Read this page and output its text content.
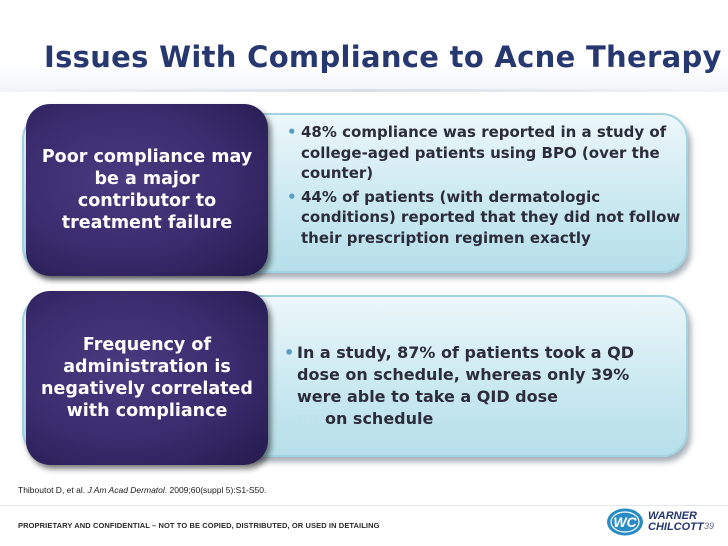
Issues With Compliance to Acne Therapy
Poor compliance may be a major contributor to treatment failure
• 48% compliance was reported in a study of college-aged patients using BPO (over the counter)
• 44% of patients (with dermatologic conditions) reported that they did not follow their prescription regimen exactly
Frequency of administration is negatively correlated with compliance
• In a study, 87% of patients took a QD dose on schedule, whereas only 39% were able to take a QID dose
on on schedule
Thiboutot D, et al. J Am Acad Dermatol. 2009;60(suppl 5):S1-S50.
PROPRIETARY AND CONFIDENTIAL – NOT TO BE COPIED, DISTRIBUTED, OR USED IN DETAILING	WC WARNER
CHILCOTT 39
